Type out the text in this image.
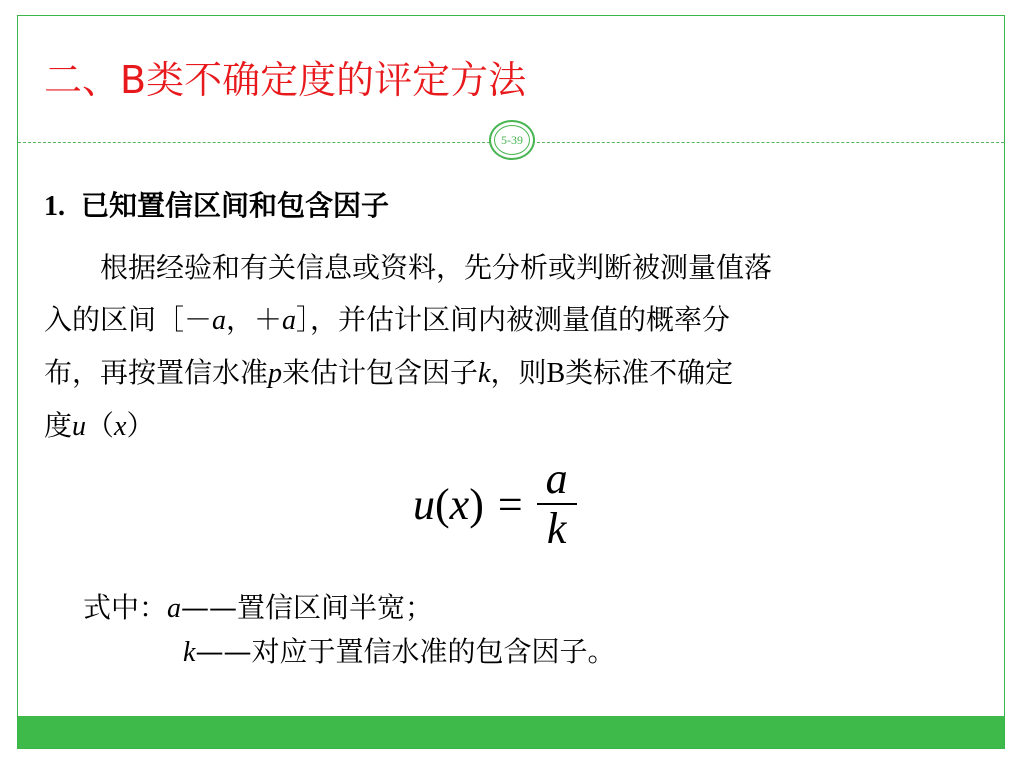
二、B类不确定度的评定方法
5-39

1. 已知置信区间和包含因子

　　根据经验和有关信息或资料，先分析或判断被测量值落
入的区间［－a，＋a］，并估计区间内被测量值的概率分
布，再按置信水准p来估计包含因子k，则B类标准不确定
度u（x）

$u(x) = \frac{a}{k}$

式中：a——置信区间半宽；

k——对应于置信水准的包含因子。
